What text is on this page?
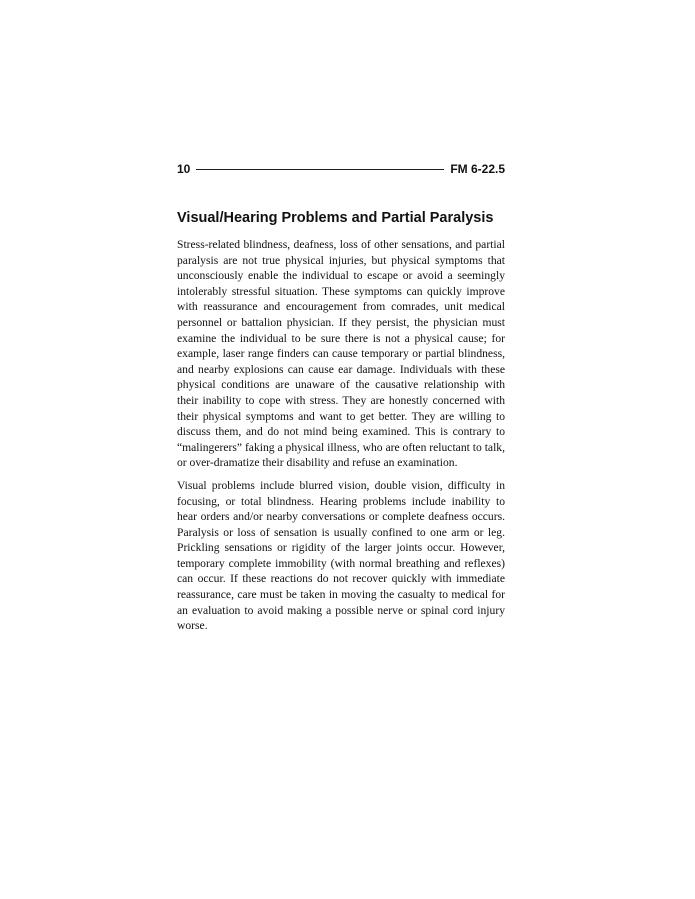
10	FM 6-22.5
Visual/Hearing Problems and Partial Paralysis

Stress-related blindness, deafness, loss of other sensations, and partial paralysis are not true physical injuries, but physical symptoms that unconsciously enable the individual to escape or avoid a seemingly intolerably stressful situation. These symptoms can quickly improve with reassurance and encouragement from comrades, unit medical personnel or battalion physician. If they persist, the physician must examine the individual to be sure there is not a physical cause; for example, laser range finders can cause temporary or partial blindness, and nearby explosions can cause ear damage. Individuals with these physical conditions are unaware of the causative relationship with their inability to cope with stress. They are honestly concerned with their physical symptoms and want to get better. They are willing to discuss them, and do not mind being examined. This is contrary to “malingerers” faking a physical illness, who are often reluctant to talk, or over-dramatize their disability and refuse an examination.

Visual problems include blurred vision, double vision, difficulty in focusing, or total blindness. Hearing problems include inability to hear orders and/or nearby conversations or complete deafness occurs. Paralysis or loss of sensation is usually confined to one arm or leg. Prickling sensations or rigidity of the larger joints occur. However, temporary complete immobility (with normal breathing and reflexes) can occur. If these reactions do not recover quickly with immediate reassurance, care must be taken in moving the casualty to medical for an evaluation to avoid making a possible nerve or spinal cord injury worse.
